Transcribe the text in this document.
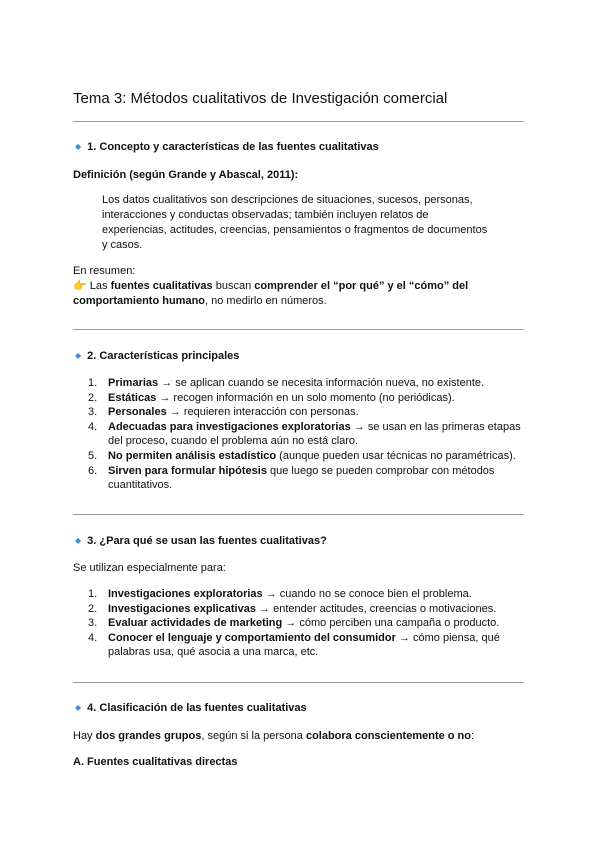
Tema 3: Métodos cualitativos de Investigación comercial
◆ 1. Concepto y características de las fuentes cualitativas
Definición (según Grande y Abascal, 2011):
Los datos cualitativos son descripciones de situaciones, sucesos, personas,
interacciones y conductas observadas; también incluyen relatos de
experiencias, actitudes, creencias, pensamientos o fragmentos de documentos
y casos.
En resumen:
👉 Las fuentes cualitativas buscan comprender el “por qué” y el “cómo” del
comportamiento humano, no medirlo en números.
◆ 2. Características principales
1. Primarias → se aplican cuando se necesita información nueva, no existente.
2. Estáticas → recogen información en un solo momento (no periódicas).
3. Personales → requieren interacción con personas.
4. Adecuadas para investigaciones exploratorias → se usan en las primeras etapas
del proceso, cuando el problema aún no está claro.
5. No permiten análisis estadístico (aunque pueden usar técnicas no paramétricas).
6. Sirven para formular hipótesis que luego se pueden comprobar con métodos
cuantitativos.
◆ 3. ¿Para qué se usan las fuentes cualitativas?
Se utilizan especialmente para:
1. Investigaciones exploratorias → cuando no se conoce bien el problema.
2. Investigaciones explicativas → entender actitudes, creencias o motivaciones.
3. Evaluar actividades de marketing → cómo perciben una campaña o producto.
4. Conocer el lenguaje y comportamiento del consumidor → cómo piensa, qué
palabras usa, qué asocia a una marca, etc.
◆ 4. Clasificación de las fuentes cualitativas
Hay dos grandes grupos, según si la persona colabora conscientemente o no:
A. Fuentes cualitativas directas
